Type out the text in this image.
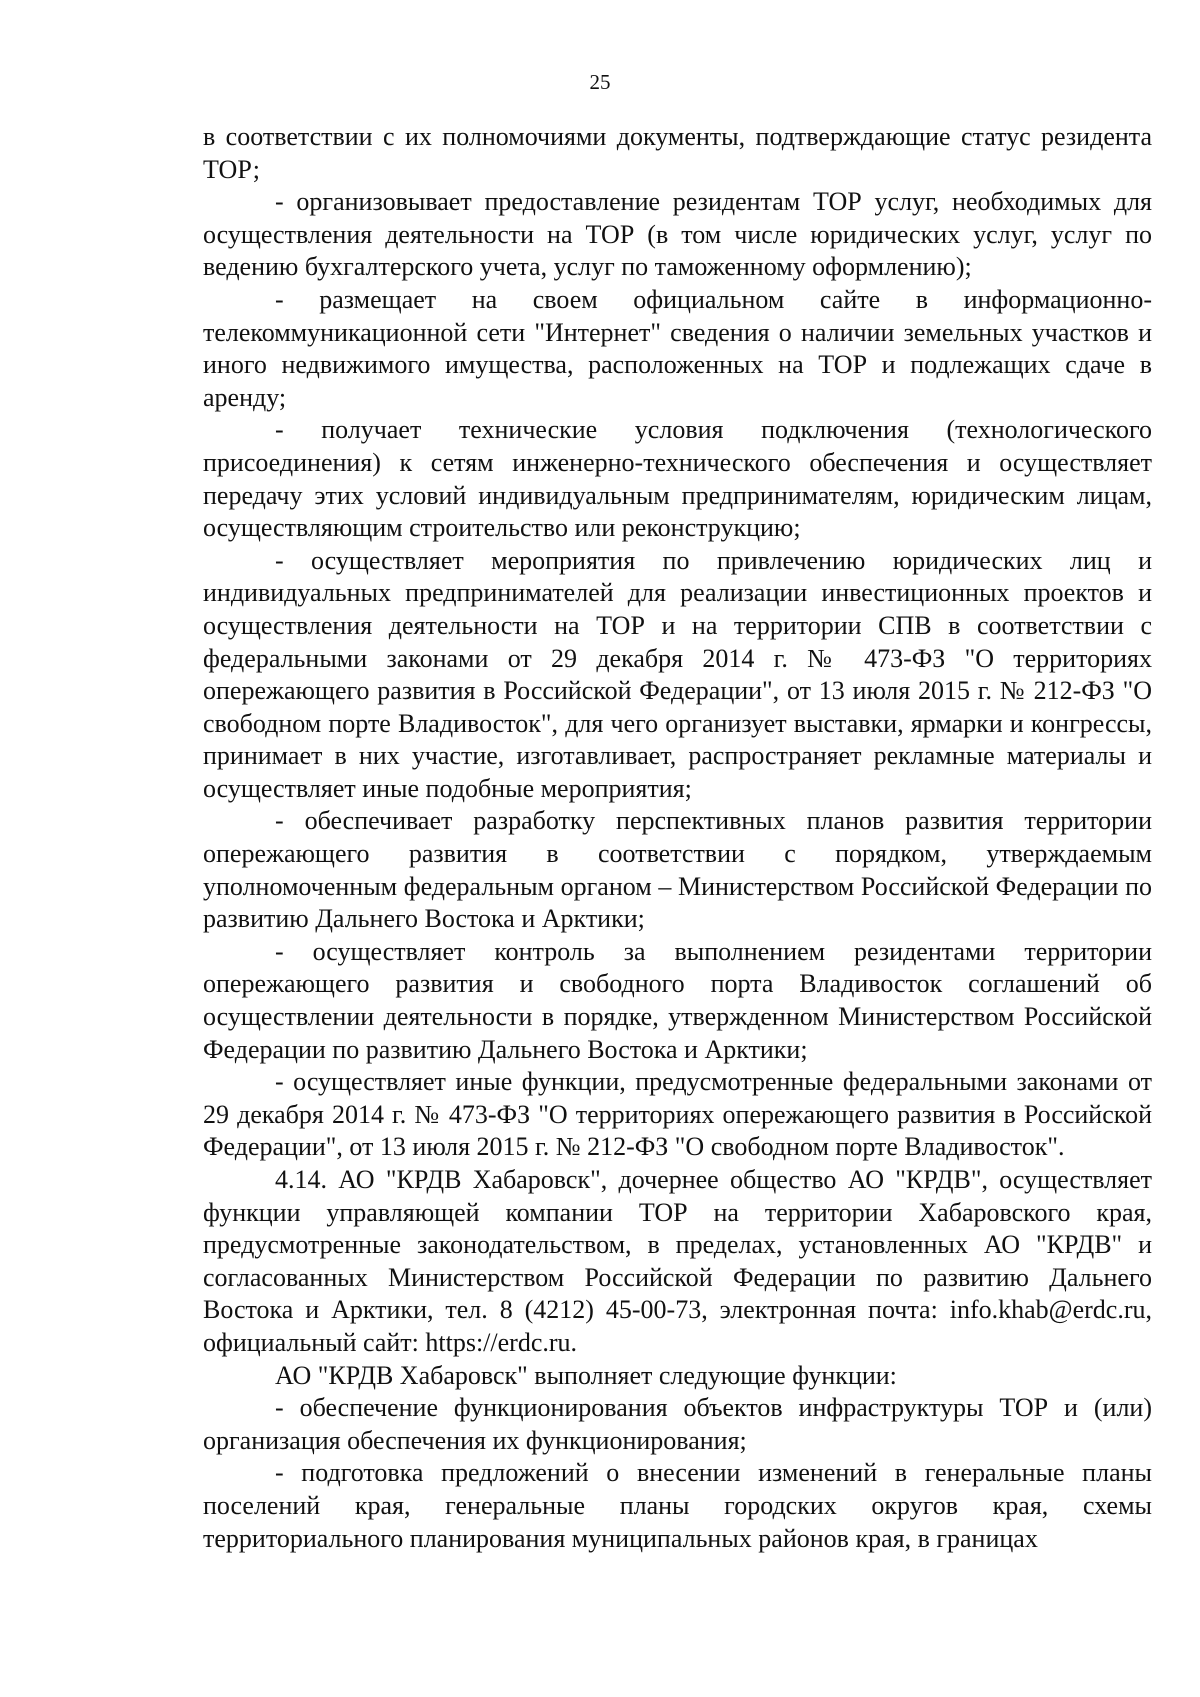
25

в соответствии с их полномочиями документы, подтверждающие статус резидента ТОР;

- организовывает предоставление резидентам ТОР услуг, необходимых для осуществления деятельности на ТОР (в том числе юридических услуг, услуг по ведению бухгалтерского учета, услуг по таможенному оформлению);

- размещает на своем официальном сайте в информационно-телекоммуникационной сети "Интернет" сведения о наличии земельных участков и иного недвижимого имущества, расположенных на ТОР и подлежащих сдаче в аренду;

- получает технические условия подключения (технологического присоединения) к сетям инженерно-технического обеспечения и осуществляет передачу этих условий индивидуальным предпринимателям, юридическим лицам, осуществляющим строительство или реконструкцию;

- осуществляет мероприятия по привлечению юридических лиц и индивидуальных предпринимателей для реализации инвестиционных проектов и осуществления деятельности на ТОР и на территории СПВ в соответствии с федеральными законами от 29 декабря 2014 г. № 473-ФЗ "О территориях опережающего развития в Российской Федерации", от 13 июля 2015 г. № 212-ФЗ "О свободном порте Владивосток", для чего организует выставки, ярмарки и конгрессы, принимает в них участие, изготавливает, распространяет рекламные материалы и осуществляет иные подобные мероприятия;

- обеспечивает разработку перспективных планов развития территории опережающего развития в соответствии с порядком, утверждаемым уполномоченным федеральным органом – Министерством Российской Федерации по развитию Дальнего Востока и Арктики;

- осуществляет контроль за выполнением резидентами территории опережающего развития и свободного порта Владивосток соглашений об осуществлении деятельности в порядке, утвержденном Министерством Российской Федерации по развитию Дальнего Востока и Арктики;

- осуществляет иные функции, предусмотренные федеральными законами от 29 декабря 2014 г. № 473-ФЗ "О территориях опережающего развития в Российской Федерации", от 13 июля 2015 г. № 212-ФЗ "О свободном порте Владивосток".

4.14. АО "КРДВ Хабаровск", дочернее общество АО "КРДВ", осуществляет функции управляющей компании ТОР на территории Хабаровского края, предусмотренные законодательством, в пределах, установленных АО "КРДВ" и согласованных Министерством Российской Федерации по развитию Дальнего Востока и Арктики, тел. 8 (4212) 45-00-73, электронная почта: info.khab@erdc.ru, официальный сайт: https://erdc.ru.

АО "КРДВ Хабаровск" выполняет следующие функции:

- обеспечение функционирования объектов инфраструктуры ТОР и (или) организация обеспечения их функционирования;

- подготовка предложений о внесении изменений в генеральные планы поселений края, генеральные планы городских округов края, схемы территориального планирования муниципальных районов края, в границах
